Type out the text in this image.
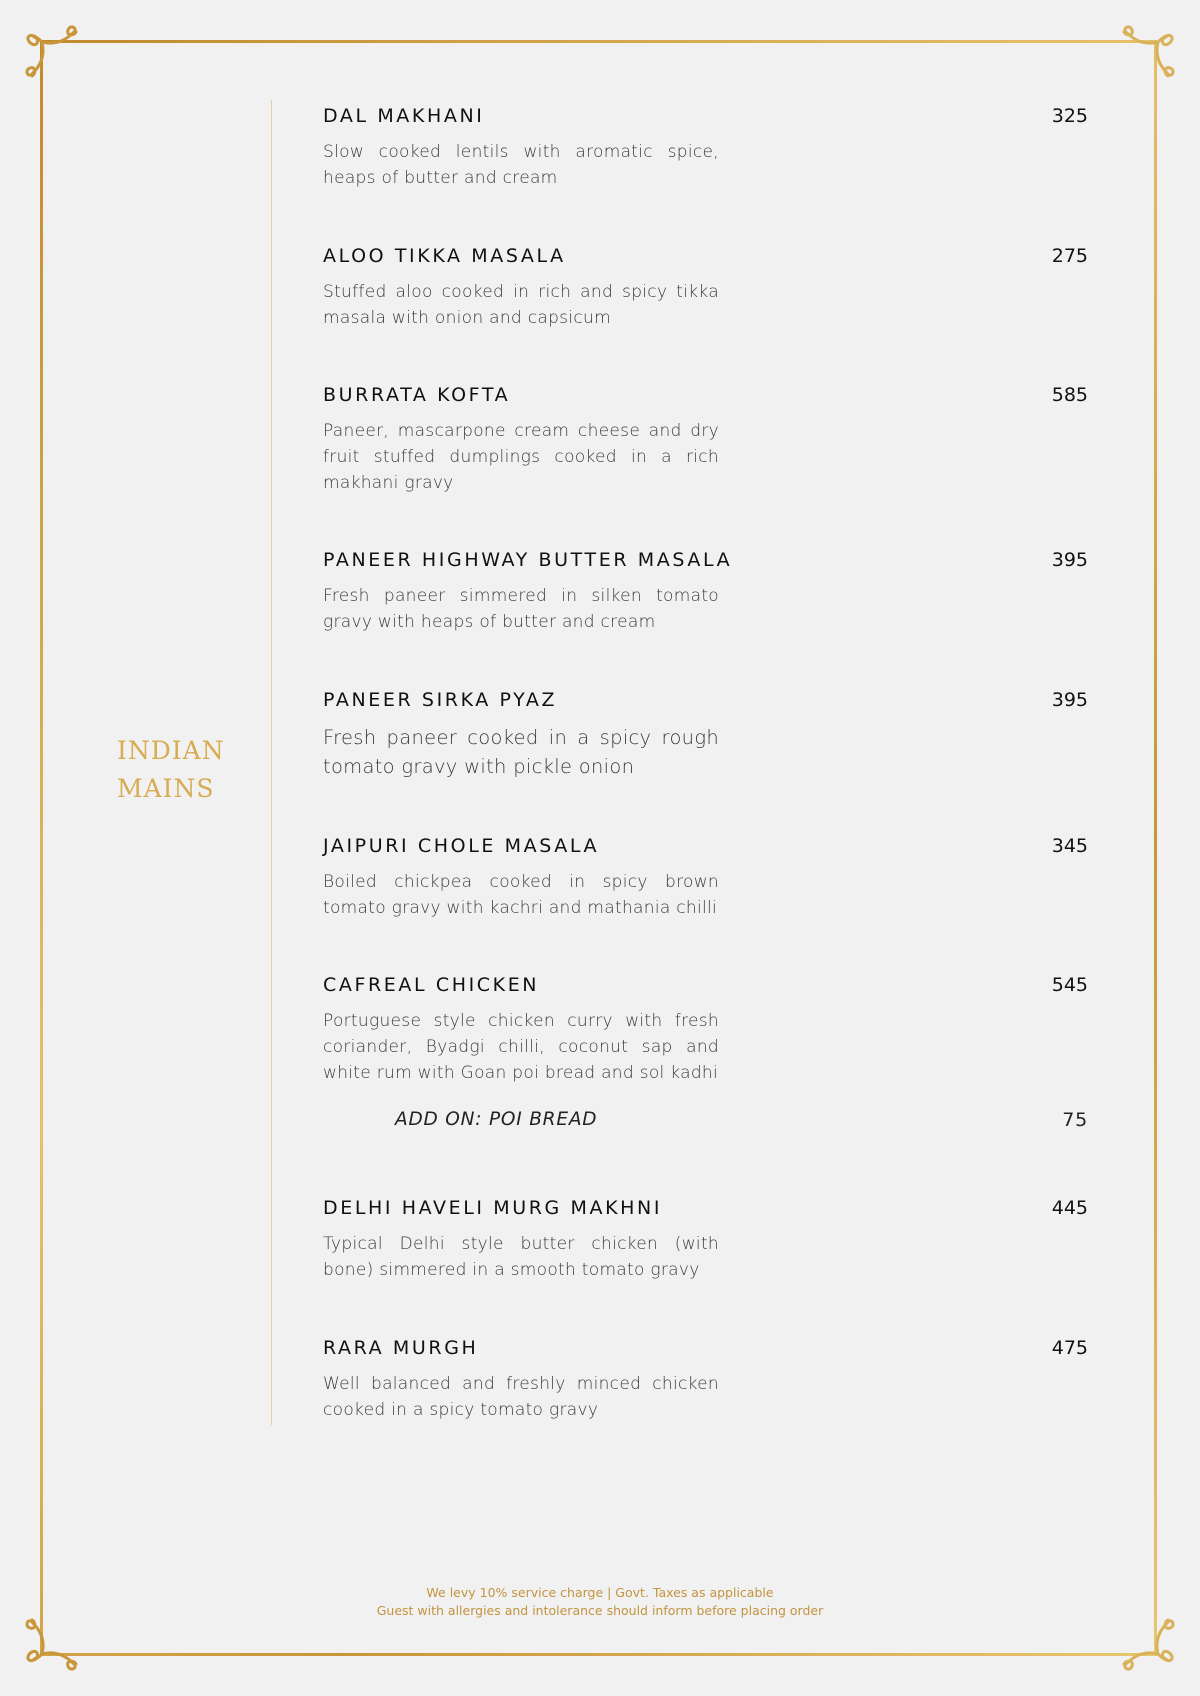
INDIAN
MAINS
DAL MAKHANI	325
Slow cooked lentils with aromatic spice, heaps of butter and cream
ALOO TIKKA MASALA	275
Stuffed aloo cooked in rich and spicy tikka masala with onion and capsicum
BURRATA KOFTA	585
Paneer, mascarpone cream cheese and dry fruit stuffed dumplings cooked in a rich makhani gravy
PANEER HIGHWAY BUTTER MASALA	395
Fresh paneer simmered in silken tomato gravy with heaps of butter and cream
PANEER SIRKA PYAZ	395
Fresh paneer cooked in a spicy rough tomato gravy with pickle onion
JAIPURI CHOLE MASALA	345
Boiled chickpea cooked in spicy brown tomato gravy with kachri and mathania chilli
CAFREAL CHICKEN	545
Portuguese style chicken curry with fresh coriander, Byadgi chilli, coconut sap and white rum with Goan poi bread and sol kadhi
ADD ON: POI BREAD	75
DELHI HAVELI MURG MAKHNI	445
Typical Delhi style butter chicken (with bone) simmered in a smooth tomato gravy
RARA MURGH	475
Well balanced and freshly minced chicken cooked in a spicy tomato gravy
We levy 10% service charge | Govt. Taxes as applicable
Guest with allergies and intolerance should inform before placing order
